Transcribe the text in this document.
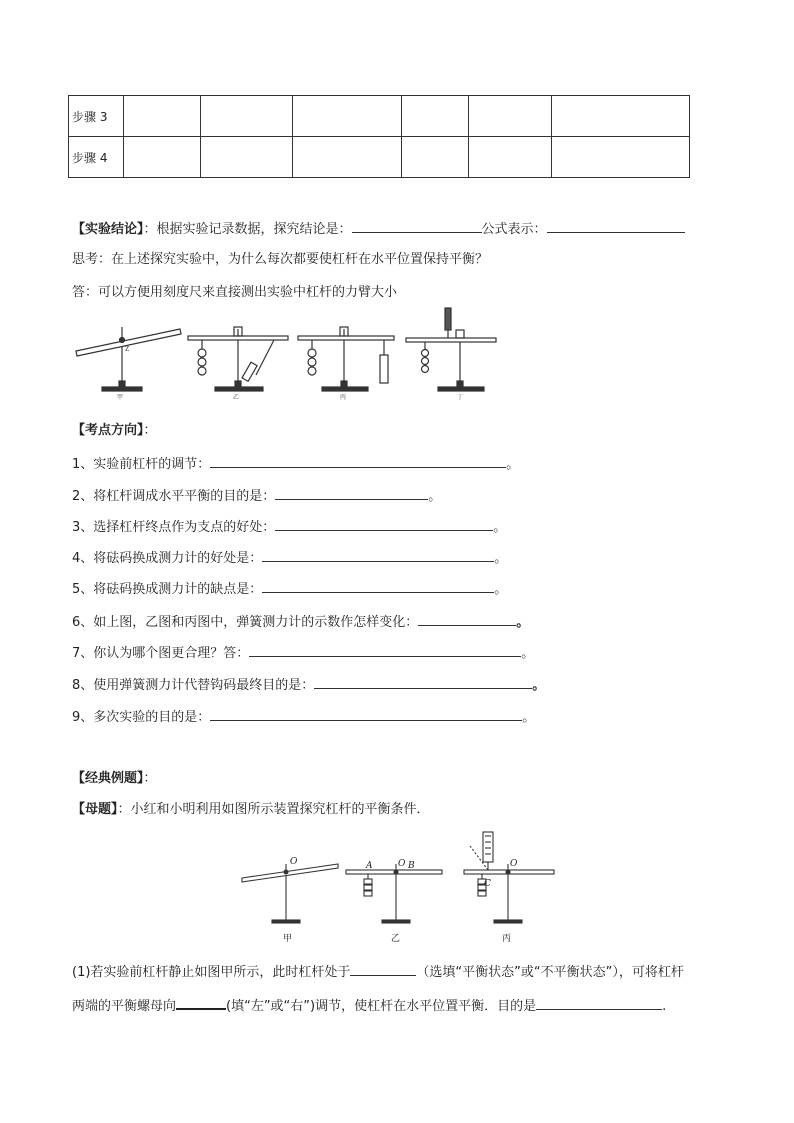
步骤 3						
步骤 4						
【实验结论】：根据实验记录数据，探究结论是：	公式表示：
思考：在上述探究实验中，为什么每次都要使杠杆在水平位置保持平衡？
答：可以方便用刻度尺来直接测出实验中杠杆的力臂大小
Z
甲	乙	丙	丁
【考点方向】：
1、实验前杠杆的调节：	。
2、将杠杆调成水平平衡的目的是：	。
3、选择杠杆终点作为支点的好处：	。
4、将砝码换成测力计的好处是：	。
5、将砝码换成测力计的缺点是：	。
6、如上图，乙图和丙图中，弹簧测力计的示数作怎样变化：	。
7、你认为哪个图更合理？答：	。
8、使用弹簧测力计代替钩码最终目的是：	。
9、多次实验的目的是：	。
【经典例题】：
【母题】：小红和小明利用如图所示装置探究杠杆的平衡条件．
O	A	O B	O
C
甲	乙	丙
(1)若实验前杠杆静止如图甲所示，此时杠杆处于	（选填“平衡状态”或“不平衡状态”），可将杠杆
两端的平衡螺母向	(填“左”或“右”)调节，使杠杆在水平位置平衡．目的是	.
